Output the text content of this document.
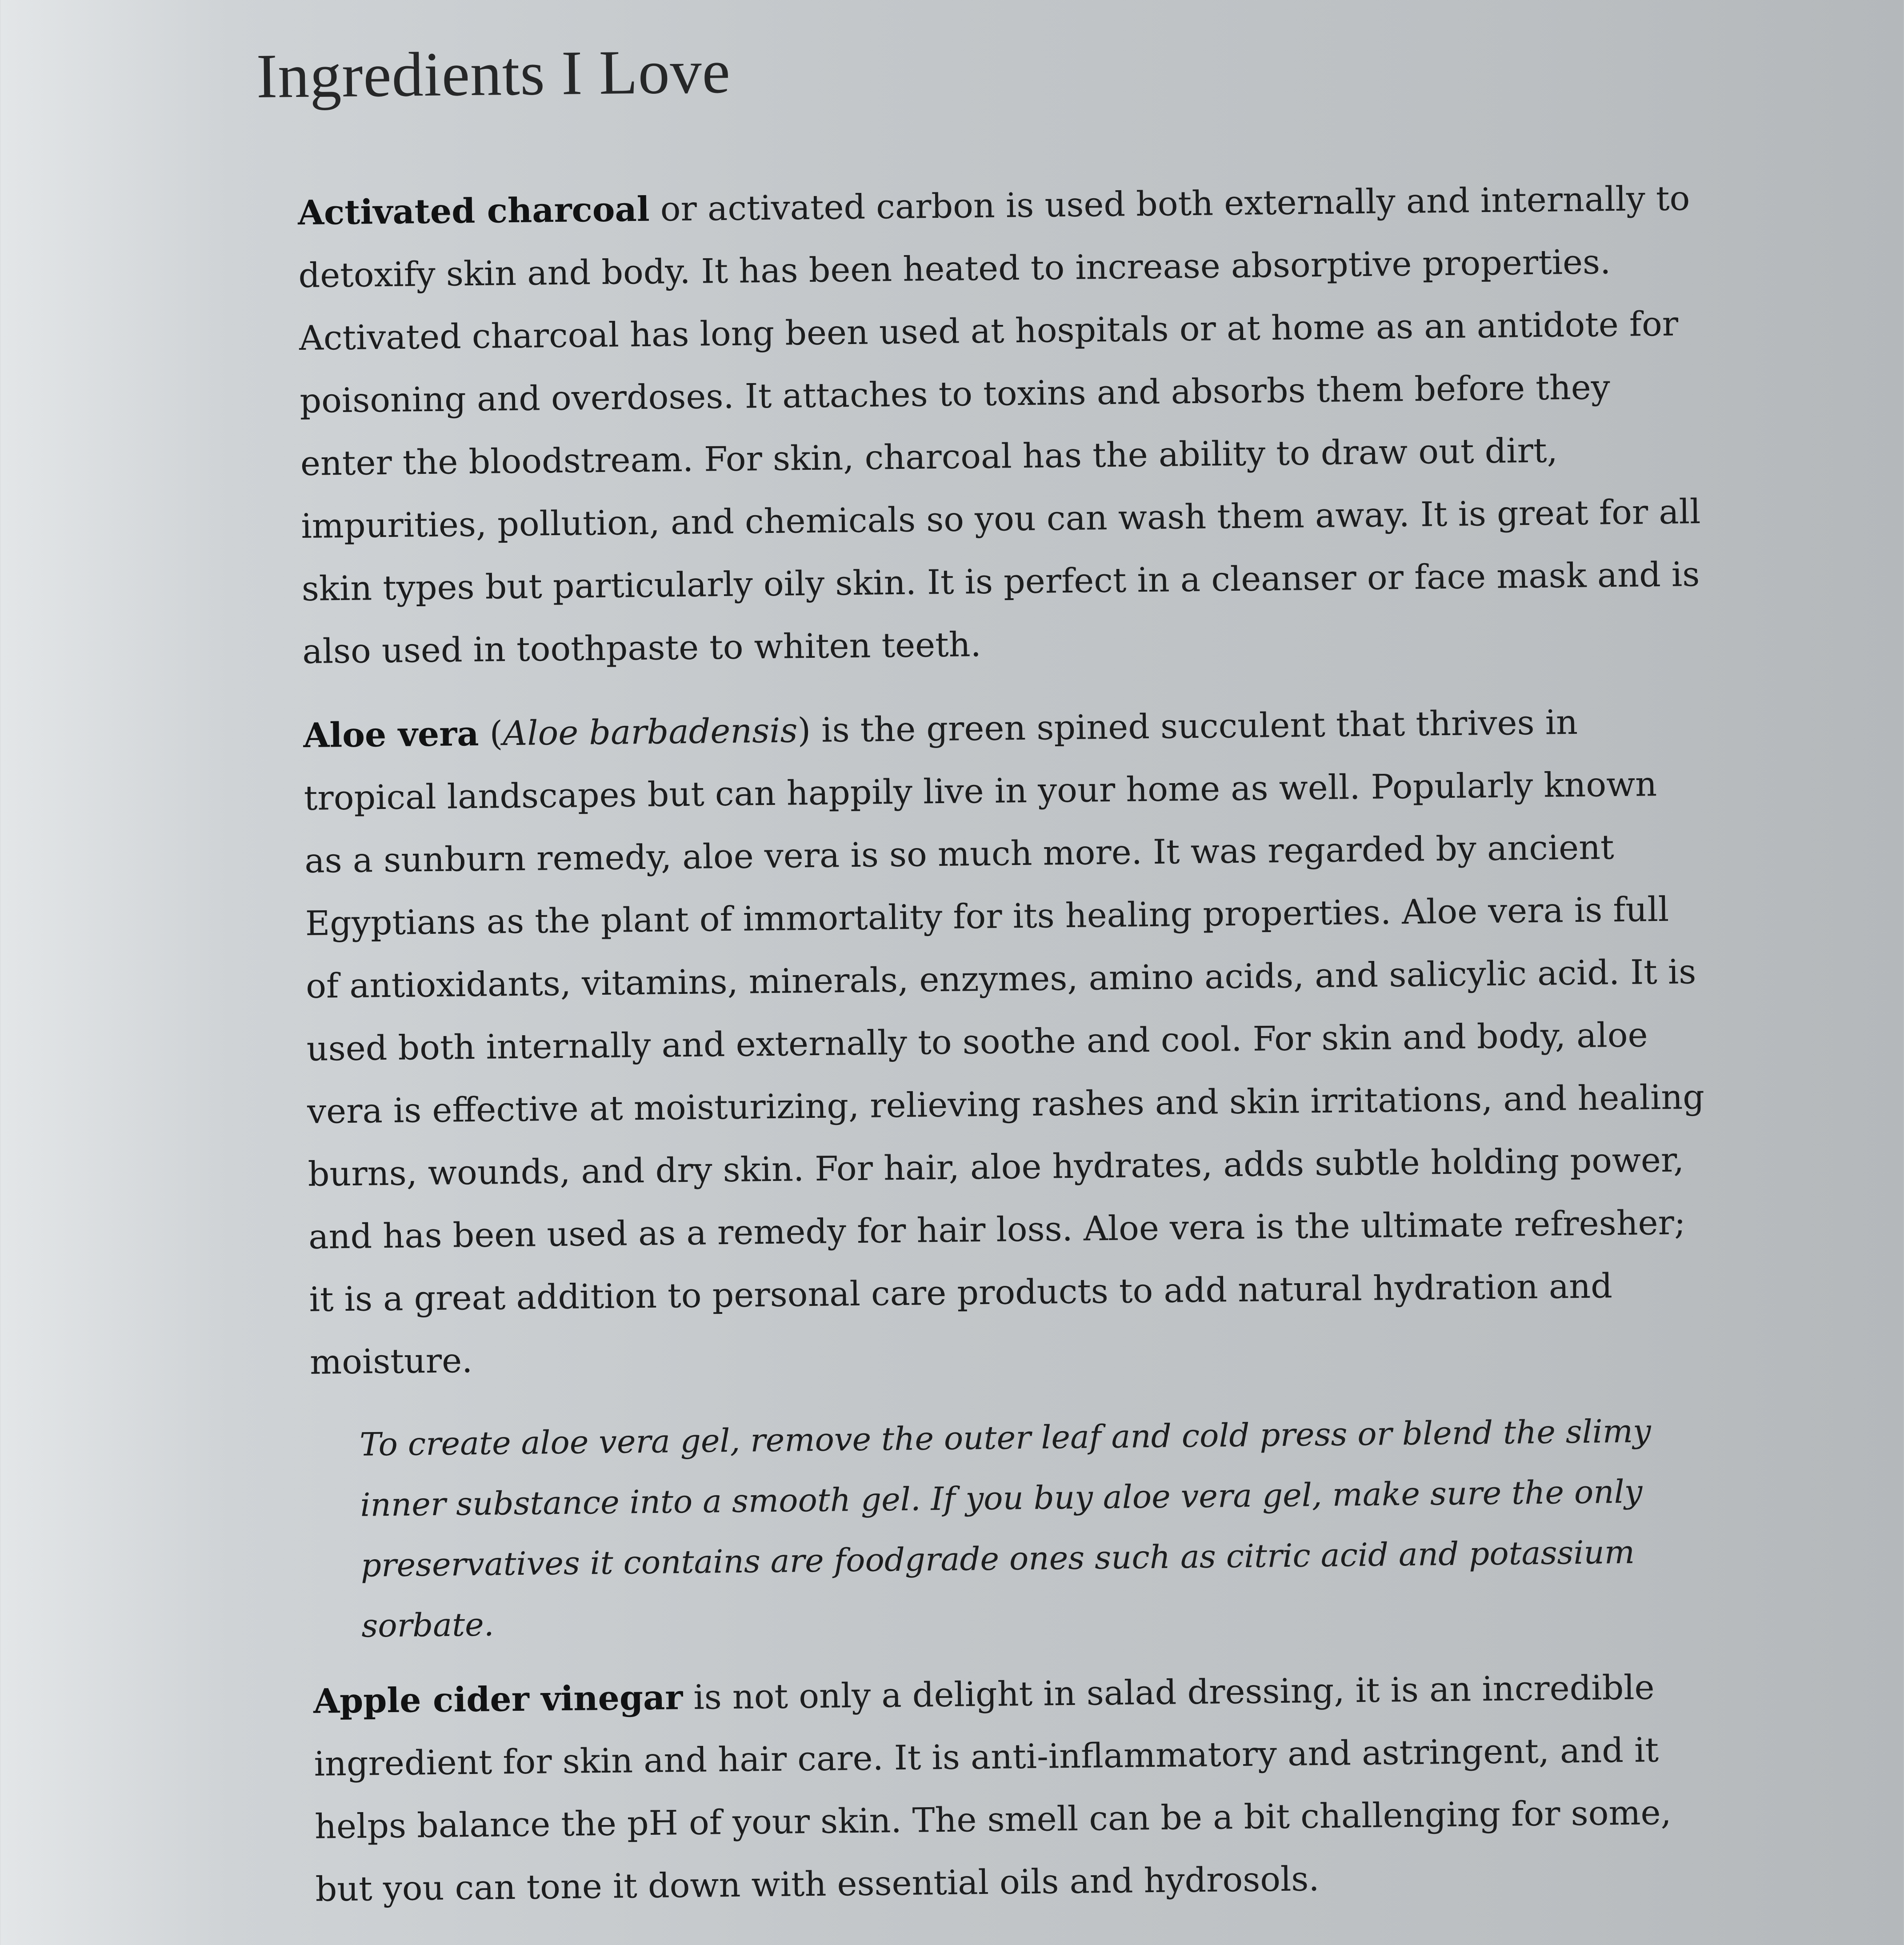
Ingredients I Love

Activated charcoal or activated carbon is used both externally and internally to detoxify skin and body. It has been heated to increase absorptive properties. Activated charcoal has long been used at hospitals or at home as an antidote for poisoning and overdoses. It attaches to toxins and absorbs them before they enter the bloodstream. For skin, charcoal has the ability to draw out dirt, impurities, pollution, and chemicals so you can wash them away. It is great for all skin types but particularly oily skin. It is perfect in a cleanser or face mask and is also used in toothpaste to whiten teeth.

Aloe vera (Aloe barbadensis) is the green spined succulent that thrives in tropical landscapes but can happily live in your home as well. Popularly known as a sunburn remedy, aloe vera is so much more. It was regarded by ancient Egyptians as the plant of immortality for its healing properties. Aloe vera is full of antioxidants, vitamins, minerals, enzymes, amino acids, and salicylic acid. It is used both internally and externally to soothe and cool. For skin and body, aloe vera is effective at moisturizing, relieving rashes and skin irritations, and healing burns, wounds, and dry skin. For hair, aloe hydrates, adds subtle holding power, and has been used as a remedy for hair loss. Aloe vera is the ultimate refresher; it is a great addition to personal care products to add natural hydration and moisture.

To create aloe vera gel, remove the outer leaf and cold press or blend the slimy inner substance into a smooth gel. If you buy aloe vera gel, make sure the only preservatives it contains are foodgrade ones such as citric acid and potassium sorbate.

Apple cider vinegar is not only a delight in salad dressing, it is an incredible ingredient for skin and hair care. It is anti-inflammatory and astringent, and it helps balance the pH of your skin. The smell can be a bit challenging for some, but you can tone it down with essential oils and hydrosols.
